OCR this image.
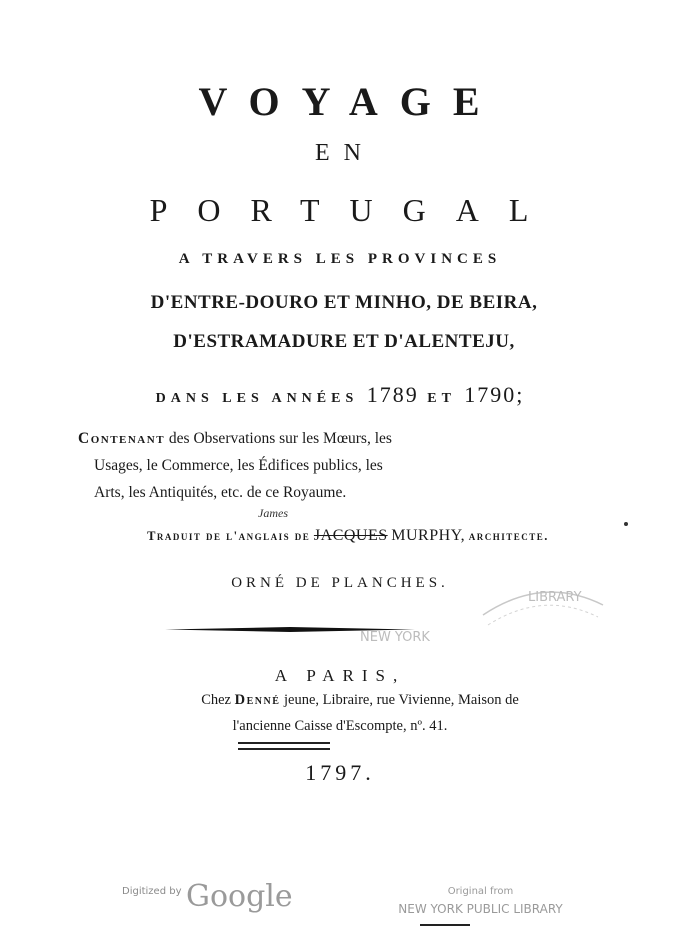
VOYAGE
EN
PORTUGAL
A TRAVERS LES PROVINCES
D'ENTRE-DOURO ET MINHO, DE BEIRA,
D'ESTRAMADURE ET D'ALENTEJU,
DANS LES ANNÉES 1789 ET 1790;
Contenant des Observations sur les Mœurs, les
Usages, le Commerce, les Édifices publics, les
Arts, les Antiquités, etc. de ce Royaume.
James
Traduit de l'anglais de JACQUES MURPHY, architecte.
ORNÉ DE PLANCHES.
A PARIS,
Chez Denné jeune, Libraire, rue Vivienne, Maison de
l'ancienne Caisse d'Escompte, nº. 41.
1797.
LIBRARY
NEW YORK
Digitized by Google	Original from
NEW YORK PUBLIC LIBRARY
